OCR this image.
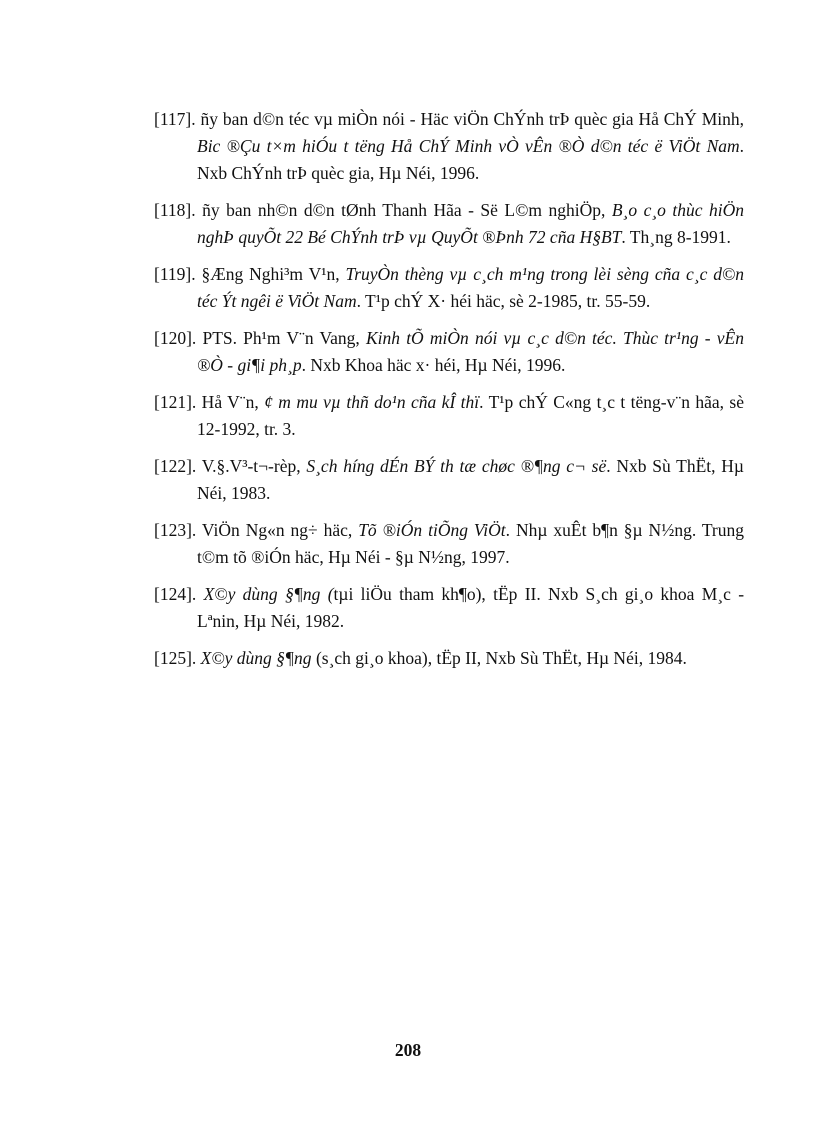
[117]. ñy ban d©n téc vµ miÒn nói - Häc viÖn ChÝnh trÞ quèc gia Hå ChÝ Minh, Bic ®Çu t×m hiÓu t tëng Hå ChÝ Minh vÒ vÊn ®Ò d©n téc ë ViÖt Nam. Nxb ChÝnh trÞ quèc gia, Hµ Néi, 1996.

[118]. ñy ban nh©n d©n tØnh Thanh Hãa - Së L©m nghiÖp, B¸o c¸o thùc hiÖn nghÞ quyÕt 22 Bé ChÝnh trÞ vµ QuyÕt ®Þnh 72 cña H§BT. Th¸ng 8-1991.

[119]. §Æng Nghi³m V¹n, TruyÒn thèng vµ c¸ch m¹ng trong lèi sèng cña c¸c d©n téc Ýt ngêi ë ViÖt Nam. T¹p chÝ X· héi häc, sè 2-1985, tr. 55-59.

[120]. PTS. Ph¹m V¨n Vang, Kinh tÕ miÒn nói vµ c¸c d©n téc. Thùc tr¹ng - vÊn ®Ò - gi¶i ph¸p. Nxb Khoa häc x· héi, Hµ Néi, 1996.

[121]. Hå V¨n, ¢ m mu vµ thñ do¹n cña kÎ thï. T¹p chÝ C«ng t¸c t tëng-v¨n hãa, sè 12-1992, tr. 3.

[122]. V.§.V³-t¬-rèp, S¸ch híng dÉn BÝ th tæ chøc ®¶ng c¬ së. Nxb Sù ThËt, Hµ Néi, 1983.

[123]. ViÖn Ng«n ng÷ häc, Tõ ®iÓn tiÕng ViÖt. Nhµ xuÊt b¶n §µ N½ng. Trung t©m tõ ®iÓn häc, Hµ Néi - §µ N½ng, 1997.

[124]. X©y dùng §¶ng (tµi liÖu tham kh¶o), tËp II. Nxb S¸ch gi¸o khoa M¸c - Lªnin, Hµ Néi, 1982.

[125]. X©y dùng §¶ng (s¸ch gi¸o khoa), tËp II, Nxb Sù ThËt, Hµ Néi, 1984.

208
